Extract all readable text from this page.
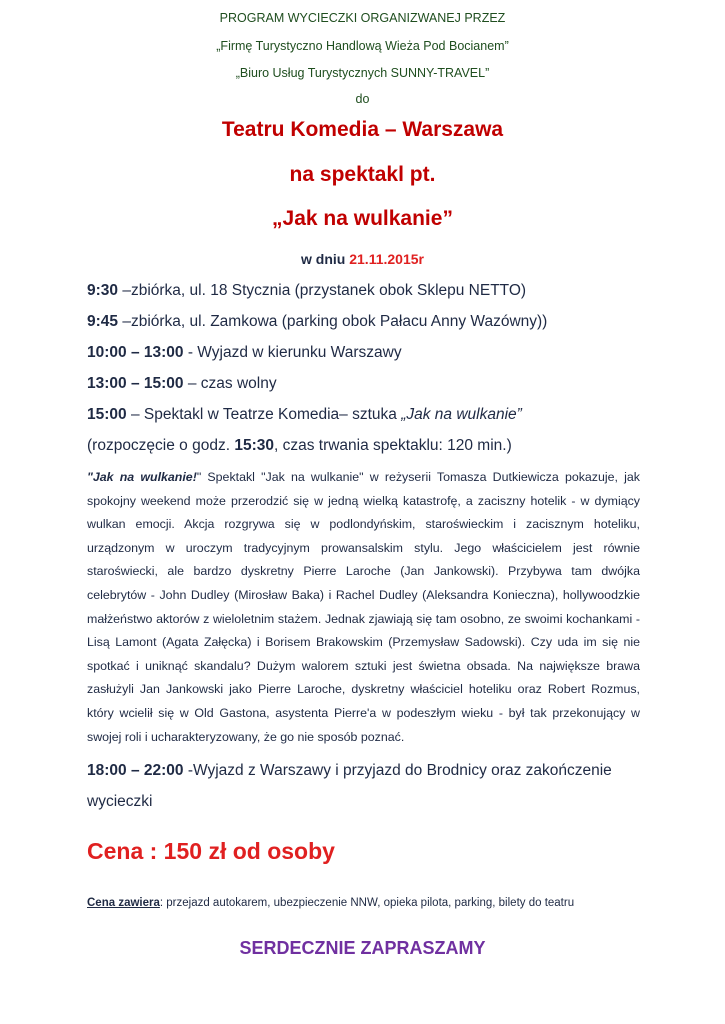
PROGRAM WYCIECZKI ORGANIZWANEJ PRZEZ
„Firmę Turystyczno Handlową Wieża Pod Bocianem”
„Biuro Usług Turystycznych SUNNY-TRAVEL”
do
Teatru Komedia – Warszawa
na spektakl pt.
„Jak na wulkanie”
w dniu 21.11.2015r
9:30 –zbiórka, ul. 18 Stycznia (przystanek obok Sklepu NETTO)
9:45 –zbiórka, ul. Zamkowa (parking obok Pałacu Anny Wazówny))
10:00 – 13:00 - Wyjazd w kierunku Warszawy
13:00 – 15:00 – czas wolny
15:00 – Spektakl w Teatrze Komedia– sztuka „Jak na wulkanie”
(rozpoczęcie o godz. 15:30, czas trwania spektaklu: 120 min.)
"Jak na wulkanie!" Spektakl "Jak na wulkanie" w reżyserii Tomasza Dutkiewicza pokazuje, jak spokojny weekend może przerodzić się w jedną wielką katastrofę, a zaciszny hotelik - w dymiący wulkan emocji. Akcja rozgrywa się w podlondyńskim, staroświeckim i zacisznym hoteliku, urządzonym w uroczym tradycyjnym prowansalskim stylu. Jego właścicielem jest równie staroświecki, ale bardzo dyskretny Pierre Laroche (Jan Jankowski). Przybywa tam dwójka celebrytów - John Dudley (Mirosław Baka) i Rachel Dudley (Aleksandra Konieczna), hollywoodzkie małżeństwo aktorów z wieloletnim stażem. Jednak zjawiają się tam osobno, ze swoimi kochankami - Lisą Lamont (Agata Załęcka) i Borisem Brakowskim (Przemysław Sadowski). Czy uda im się nie spotkać i uniknąć skandalu? Dużym walorem sztuki jest świetna obsada. Na największe brawa zasłużyli Jan Jankowski jako Pierre Laroche, dyskretny właściciel hoteliku oraz Robert Rozmus, który wcielił się w Old Gastona, asystenta Pierre'a w podeszłym wieku - był tak przekonujący w swojej roli i ucharakteryzowany, że go nie sposób poznać.
18:00 – 22:00 -Wyjazd z Warszawy i przyjazd do Brodnicy oraz zakończenie
wycieczki
Cena : 150 zł od osoby
Cena zawiera: przejazd autokarem, ubezpieczenie NNW, opieka pilota, parking, bilety do teatru
SERDECZNIE ZAPRASZAMY
